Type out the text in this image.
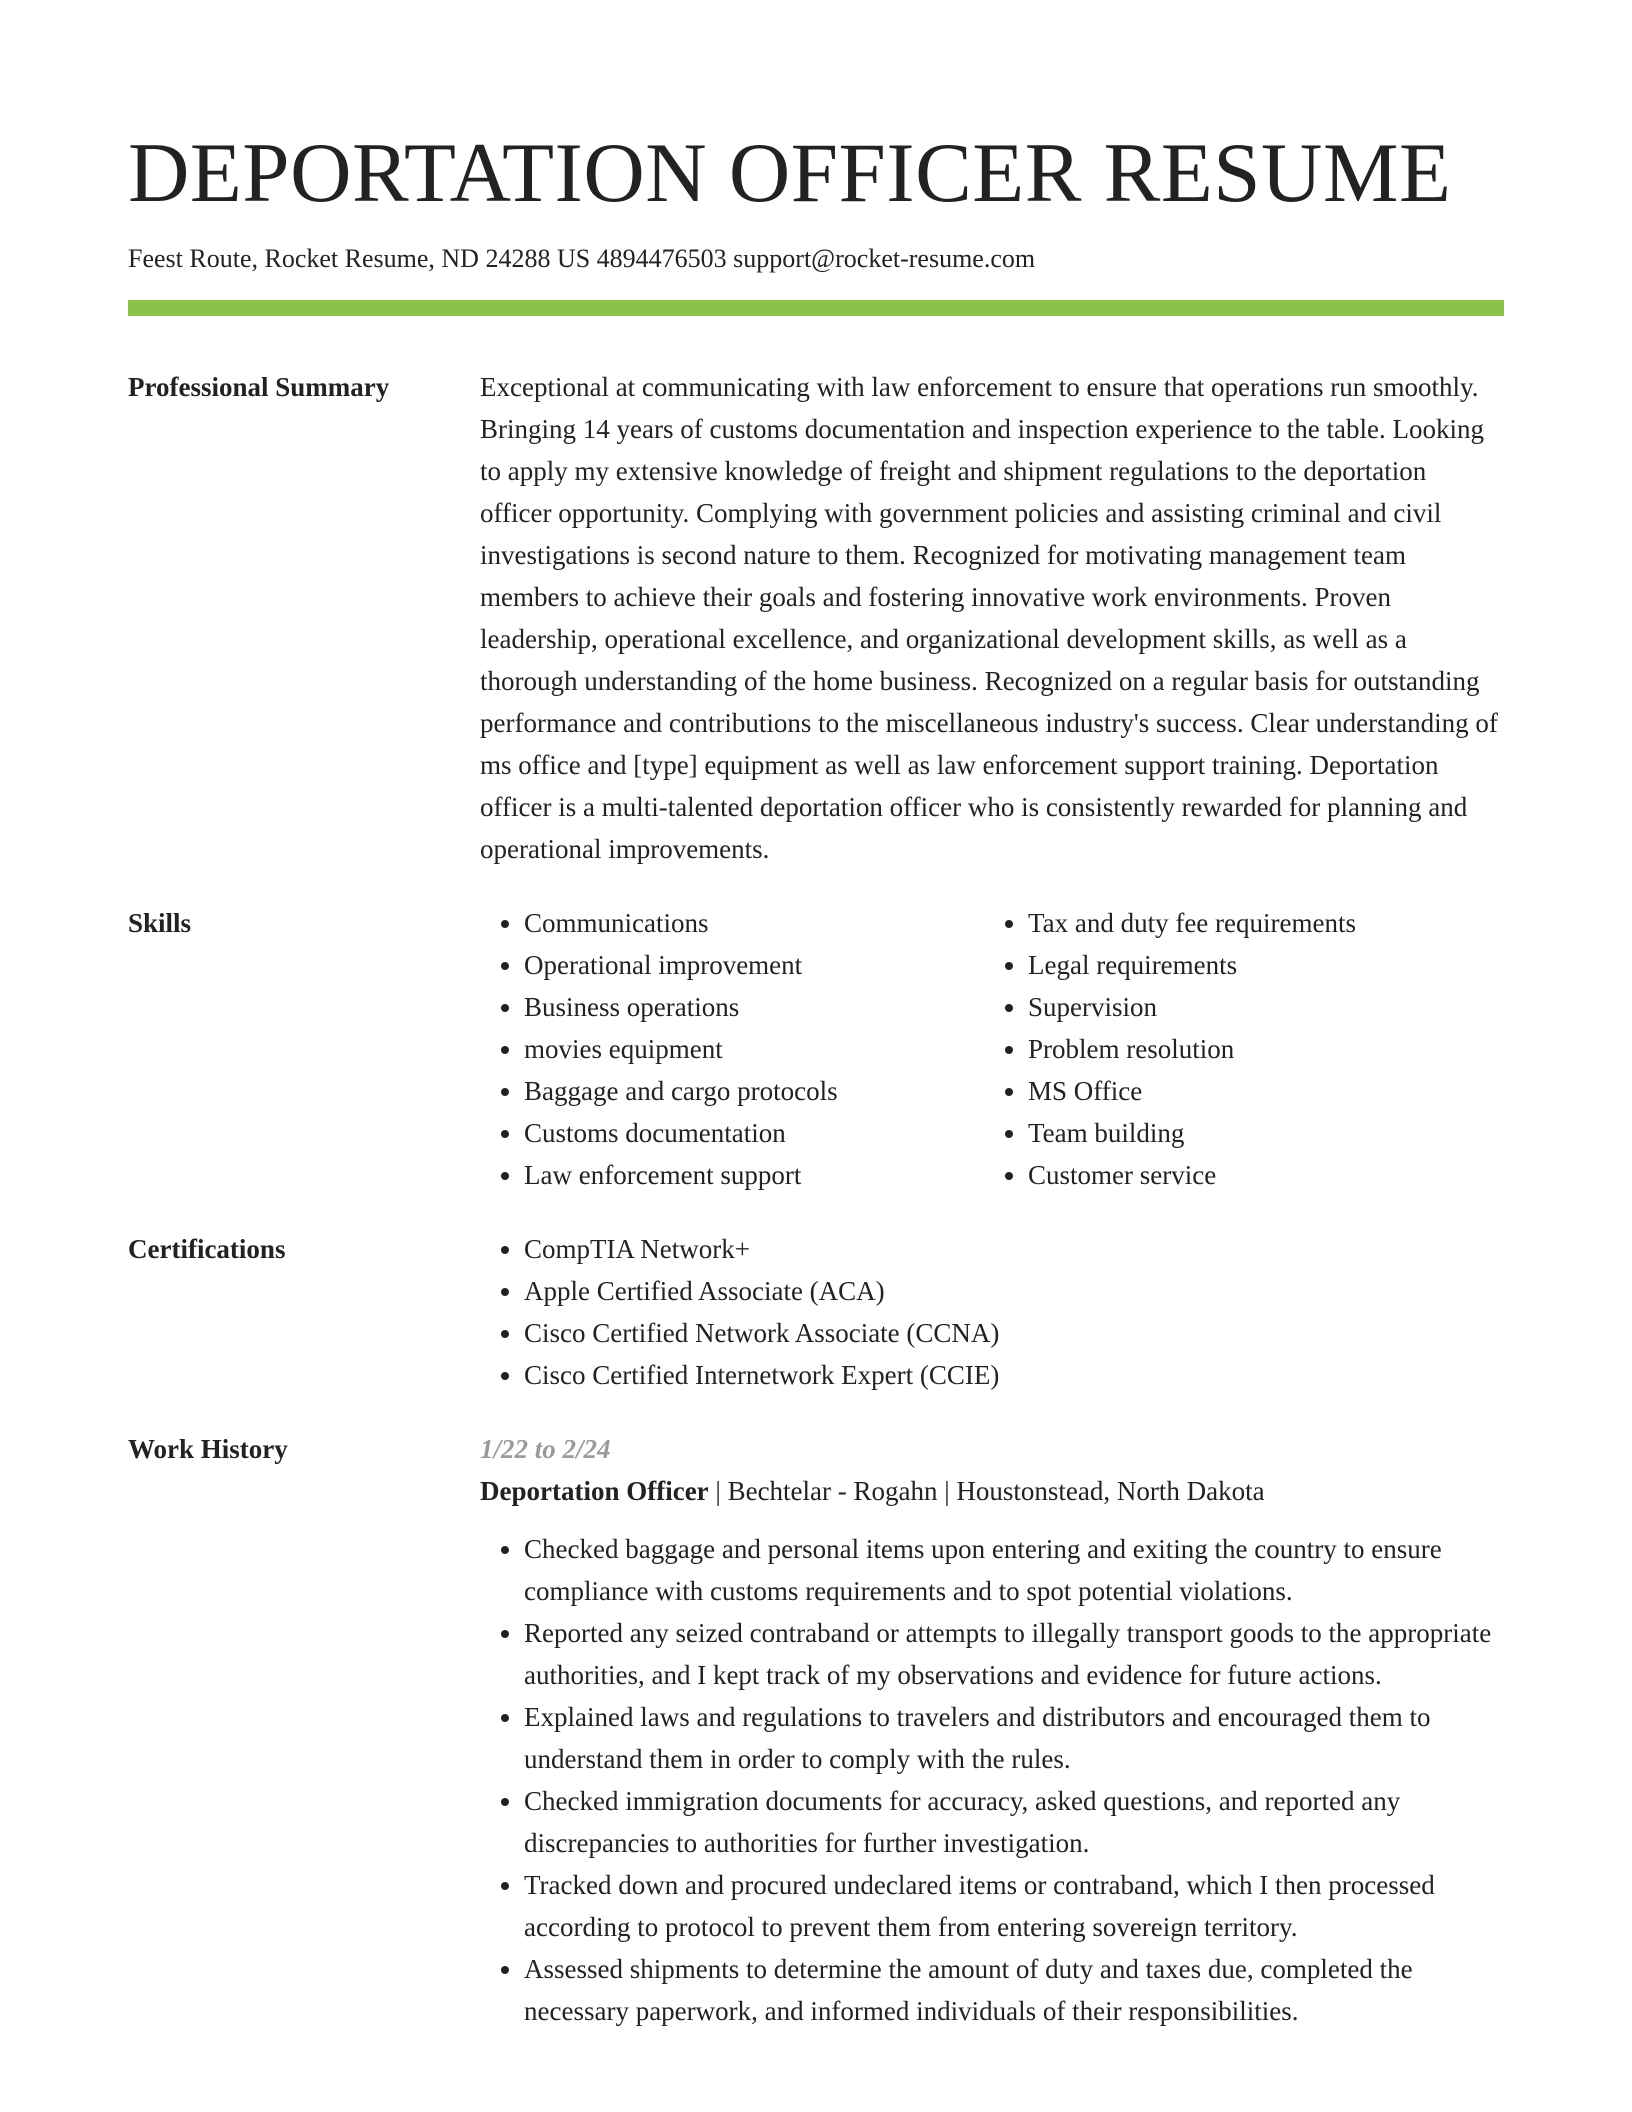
DEPORTATION OFFICER RESUME
Feest Route, Rocket Resume, ND 24288 US 4894476503 support@rocket-resume.com
Professional Summary	Exceptional at communicating with law enforcement to ensure that operations run smoothly. Bringing 14 years of customs documentation and inspection experience to the table. Looking to apply my extensive knowledge of freight and shipment regulations to the deportation officer opportunity. Complying with government policies and assisting criminal and civil investigations is second nature to them. Recognized for motivating management team members to achieve their goals and fostering innovative work environments. Proven leadership, operational excellence, and organizational development skills, as well as a thorough understanding of the home business. Recognized on a regular basis for outstanding performance and contributions to the miscellaneous industry's success. Clear understanding of ms office and [type] equipment as well as law enforcement support training. Deportation officer is a multi-talented deportation officer who is consistently rewarded for planning and operational improvements.

Skills	• Communications
• Operational improvement
• Business operations
• movies equipment
• Baggage and cargo protocols
• Customs documentation
• Law enforcement support
• Tax and duty fee requirements
• Legal requirements
• Supervision
• Problem resolution
• MS Office
• Team building
• Customer service
Certifications	• CompTIA Network+
• Apple Certified Associate (ACA)
• Cisco Certified Network Associate (CCNA)
• Cisco Certified Internetwork Expert (CCIE)
Work History	1/22 to 2/24
Deportation Officer | Bechtelar - Rogahn | Houstonstead, North Dakota
• Checked baggage and personal items upon entering and exiting the country to ensure compliance with customs requirements and to spot potential violations.
• Reported any seized contraband or attempts to illegally transport goods to the appropriate authorities, and I kept track of my observations and evidence for future actions.
• Explained laws and regulations to travelers and distributors and encouraged them to understand them in order to comply with the rules.
• Checked immigration documents for accuracy, asked questions, and reported any discrepancies to authorities for further investigation.
• Tracked down and procured undeclared items or contraband, which I then processed according to protocol to prevent them from entering sovereign territory.
• Assessed shipments to determine the amount of duty and taxes due, completed the necessary paperwork, and informed individuals of their responsibilities.
